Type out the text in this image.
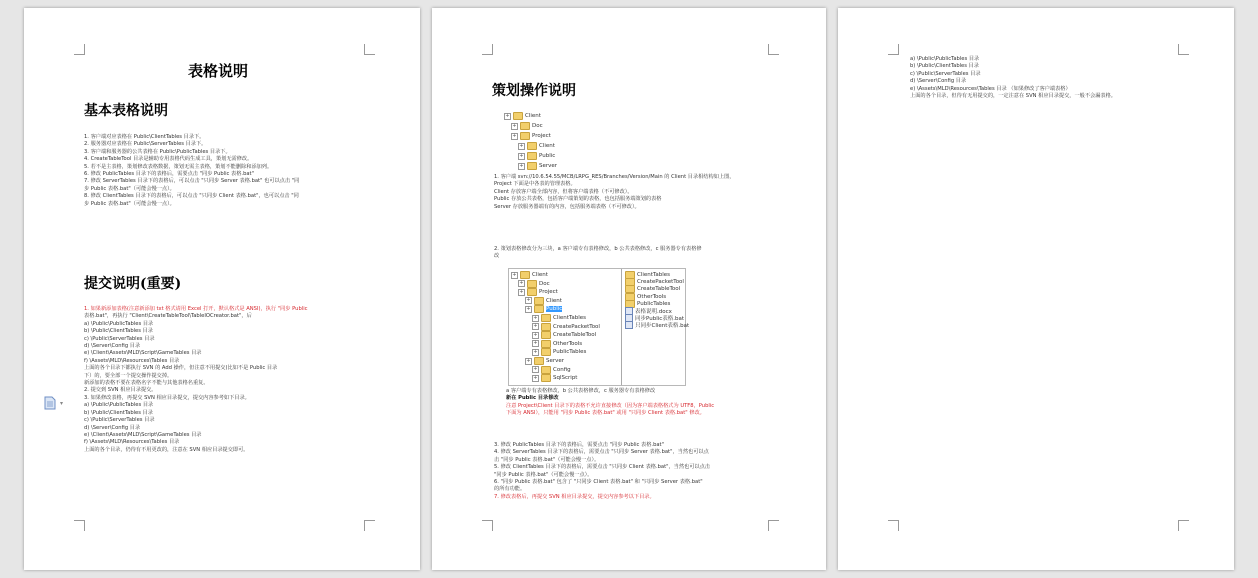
表格说明
基本表格说明
1. 客户端对应表格在 Public\ClientTables 目录下。
2. 服务器对应表格在 Public\ServerTables 目录下。
3. 客户端和服务器的公共表格在 Public\PublicTables 目录下。
4. CreateTableTool 目录是辅助专用表格代码生成工具，策划无需修改。
5. 若不是主表格，策划修改表格数据，策划无需主表格，策划不能删除和添加列。
6. 修改 PublicTables 目录下的表格后，需要点击 "同步 Public 表格.bat"
7. 修改 ServerTables 目录下的表格后，可以点击 "只同步 Server 表格.bat" 也可以点击 "同
步 Public 表格.bat"（可能会慢一点）。
8. 修改 ClientTables 目录下的表格后，可以点击 "只同步 Client 表格.bat"，也可以点击 "同
步 Public 表格.bat"（可能会慢一点）。
提交说明(重要)
1. 如果新添加表格(注意新添加 txt 格式请用 Excel 打开，默认格式是 ANSI)，执行 "同步 Public
表格.bat"，再执行 "Client\CreateTableTool\TableIOCreator.bat"，后
a) \Public\PublicTables 目录
b) \Public\ClientTables 目录
c) \Public\ServerTables 目录
d) \Server\Config 目录
e) \Client\Assets\MLD\Script\GameTables 目录
f) \Assets\MLD\Resources\Tables 目录
上面的各个目录下都执行 SVN 的 Add 操作，但注意不用提交(比如不是 Public 目录
下）的，要全部一个提交操作提交掉。
新添加的表格不要在表格名字不能与其他表格名重复。
2. 提交到 SVN 相应目录提交。
3. 如果修改表格，再提交 SVN 相应目录提交，提交内容参考如下目录。
a) \Public\PublicTables 目录
b) \Public\ClientTables 目录
c) \Public\ServerTables 目录
d) \Server\Config 目录
e) \Client\Assets\MLD\Script\GameTables 目录
f) \Assets\MLD\Resources\Tables 目录
上面的各个目录，仍待有不用更改的，注意在 SVN 相应目录提交即可。
▾
策划操作说明
+	Client
+	Doc
+	Project
+	Client
+	Public
+	Server
1. 客户端 svn://10.6.54.55/MCB/LRPG_RES/Branches/Version/Main 的 Client 目录相结构如上图，
Project 下面是中各表的管理表格。
Client 存放客户端全部内容，但将客户端表格（不可修改）。
Public 存放公共表格，包括客户端策划的表格，也包括服务端策划的表格
Server 存放服务器端有的内容，包括服务端表格（不可修改）。
2. 策划表格修改分为三块，a 客户端专有表格修改，b 公共表格修改，c 服务器专有表格修
改
+	Client
+	Doc
+	Project
+	Client
+	Public
+	ClientTables
+	CreatePacketTool
+	CreateTableTool
+	OtherTools
+	PublicTables
+	Server
+	Config
+	SqlScript
ClientTables
CreatePacketTool
CreateTableTool
OtherTools
PublicTables
表格说明.docx
同步Public表格.bat
只同步Client表格.bat
a 客户端专有表格修改，b 公共表格修改，c 服务器专有表格修改
新在 Public 目录修改
注意 Project\Client 目录下的表格不允许直接修改（因为客户端表格格式为 UTF8，Public
下面为 ANSI），只能用 "同步 Public 表格.bat" 或用 "只同步 Client 表格.bat" 修改。
3. 修改 PublicTables 目录下的表格后，需要点击 "同步 Public 表格.bat"
4. 修改 ServerTables 目录下的表格后，需要点击 "只同步 Server 表格.bat"，当然也可以点
击 "同步 Public 表格.bat"（可能会慢一点）。
5. 修改 ClientTables 目录下的表格后，需要点击 "只同步 Client 表格.bat"，当然也可以点击
"同步 Public 表格.bat"（可能会慢一点）。
6. "同步 Public 表格.bat" 包含了 "只同步 Client 表格.bat" 和 "只同步 Server 表格.bat"
的所有功能。
7. 修改表格后，再提交 SVN 相应目录提交，提交内容参考以下目录。
a) \Public\PublicTables 目录
b) \Public\ClientTables 目录
c) \Public\ServerTables 目录
d) \Server\Config 目录
e) \Assets\MLD\Resources\Tables 目录 （如果修改了客户端表格）
上面的各个目录，但待有无用提交的，一定注意在 SVN 相应目录提交，一般不会漏表格。
